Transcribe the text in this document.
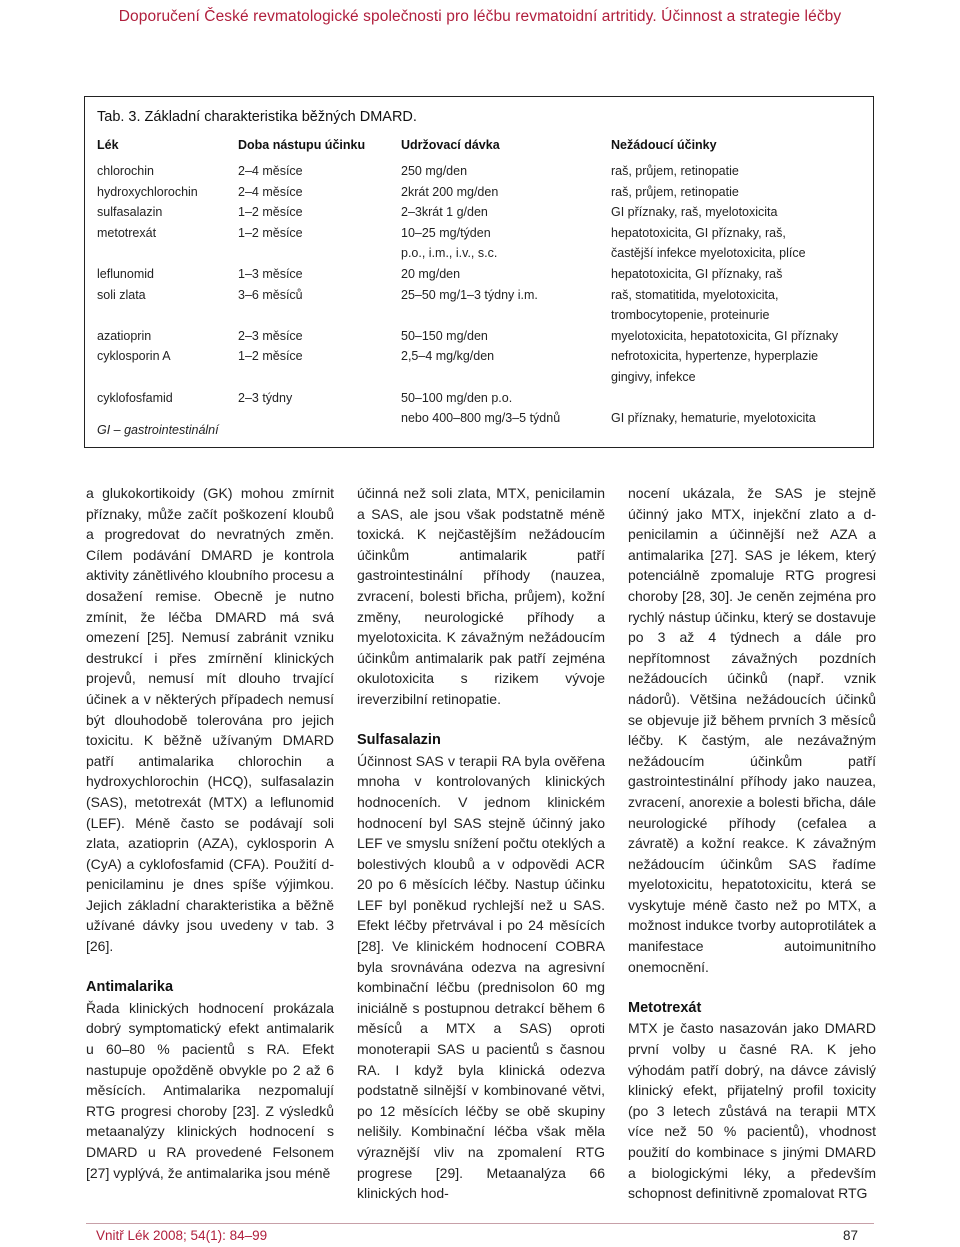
Doporučení České revmatologické společnosti pro léčbu revmatoidní artritidy. Účinnost a strategie léčby
Tab. 3. Základní charakteristika běžných DMARD.
Lék	Doba nástupu účinku	Udržovací dávka	Nežádoucí účinky
chlorochin	2–4 měsíce	250 mg/den	raš, průjem, retinopatie
hydroxychlorochin	2–4 měsíce	2krát 200 mg/den	raš, průjem, retinopatie
sulfasalazin	1–2 měsíce	2–3krát 1 g/den	GI příznaky, raš, myelotoxicita
metotrexát	1–2 měsíce	10–25 mg/týden	hepatotoxicita, GI příznaky, raš,
		p.o., i.m., i.v., s.c.	častější infekce myelotoxicita, plíce
leflunomid	1–3 měsíce	20 mg/den	hepatotoxicita, GI příznaky, raš
soli zlata	3–6 měsíců	25–50 mg/1–3 týdny i.m.	raš, stomatitida, myelotoxicita,
			trombocytopenie, proteinurie
azatioprin	2–3 měsíce	50–150 mg/den	myelotoxicita, hepatotoxicita, GI příznaky
cyklosporin A	1–2 měsíce	2,5–4 mg/kg/den	nefrotoxicita, hypertenze, hyperplazie
			gingivy, infekce
cyklofosfamid	2–3 týdny	50–100 mg/den p.o.	
		nebo 400–800 mg/3–5 týdnů	GI příznaky, hematurie, myelotoxicita
GI – gastrointestinální

a glukokortikoidy (GK) mohou zmírnit příznaky, může začít poškození kloubů a progredovat do nevratných změn. Cílem podávání DMARD je kontrola aktivity zánětlivého kloubního procesu a dosažení remise. Obecně je nutno zmínit, že léčba DMARD má svá omezení [25]. Nemusí zabránit vzniku destrukcí i přes zmírnění klinických projevů, nemusí mít dlouho trvající účinek a v některých případech nemusí být dlouhodobě tolerována pro jejich toxicitu. K běžně užívaným DMARD patří antimalarika chlorochin a hydroxychlorochin (HCQ), sulfasalazin (SAS), metotrexát (MTX) a leflunomid (LEF). Méně často se podávají soli zlata, azatioprin (AZA), cyklosporin A (CyA) a cyklofosfamid (CFA). Použití d-penicilaminu je dnes spíše výjimkou. Jejich základní charakteristika a běžně užívané dávky jsou uvedeny v tab. 3 [26].

Antimalarika

Řada klinických hodnocení prokázala dobrý symptomatický efekt antimalarik u 60–80 % pacientů s RA. Efekt nastupuje opožděně obvykle po 2 až 6 měsících. Antimalarika nezpomalují RTG progresi choroby [23]. Z výsledků metaanalýzy klinických hodnocení s DMARD u RA provedené Felsonem [27] vyplývá, že antimalarika jsou méně

účinná než soli zlata, MTX, penicilamin a SAS, ale jsou však podstatně méně toxická. K nejčastějším nežádoucím účinkům antimalarik patří gastrointestinální příhody (nauzea, zvracení, bolesti břicha, průjem), kožní změny, neurologické příhody a myelotoxicita. K závažným nežádoucím účinkům antimalarik pak patří zejména okulotoxicita s rizikem vývoje ireverzibilní retinopatie.

Sulfasalazin

Účinnost SAS v terapii RA byla ověřena mnoha v kontrolovaných klinických hodnoceních. V jednom klinickém hodnocení byl SAS stejně účinný jako LEF ve smyslu snížení počtu oteklých a bolestivých kloubů a v odpovědi ACR 20 po 6 měsících léčby. Nastup účinku LEF byl poněkud rychlejší než u SAS. Efekt léčby přetrvával i po 24 měsících [28]. Ve klinickém hodnocení COBRA byla srovnávána odezva na agresivní kombinační léčbu (prednisolon 60 mg iniciálně s postupnou detrakcí během 6 měsíců a MTX a SAS) oproti monoterapii SAS u pacientů s časnou RA. I když byla klinická odezva podstatně silnější v kombinované větvi, po 12 měsících léčby se obě skupiny nelišily. Kombinační léčba však měla výraznější vliv na zpomalení RTG progrese [29]. Metaanalýza 66 klinických hod-

nocení ukázala, že SAS je stejně účinný jako MTX, injekční zlato a d-penicilamin a účinnější než AZA a antimalarika [27]. SAS je lékem, který potenciálně zpomaluje RTG progresi choroby [28, 30]. Je ceněn zejména pro rychlý nástup účinku, který se dostavuje po 3 až 4 týdnech a dále pro nepřítomnost závažných pozdních nežádoucích účinků (např. vznik nádorů). Většina nežádoucích účinků se objevuje již během prvních 3 měsíců léčby. K častým, ale nezávažným nežádoucím účinkům patří gastrointestinální příhody jako nauzea, zvracení, anorexie a bolesti břicha, dále neurologické příhody (cefalea a závratě) a kožní reakce. K závažným nežádoucím účinkům SAS řadíme myelotoxicitu, hepatotoxicitu, která se vyskytuje méně často než po MTX, a možnost indukce tvorby autoprotilátek a manifestace autoimunitního onemocnění.

Metotrexát

MTX je často nasazován jako DMARD první volby u časné RA. K jeho výhodám patří dobrý, na dávce závislý klinický efekt, přijatelný profil toxicity (po 3 letech zůstává na terapii MTX více než 50 % pacientů), vhodnost použití do kombinace s jinými DMARD a biologickými léky, a především schopnost definitivně zpomalovat RTG

Vnitř Lék 2008; 54(1): 84–99	87
